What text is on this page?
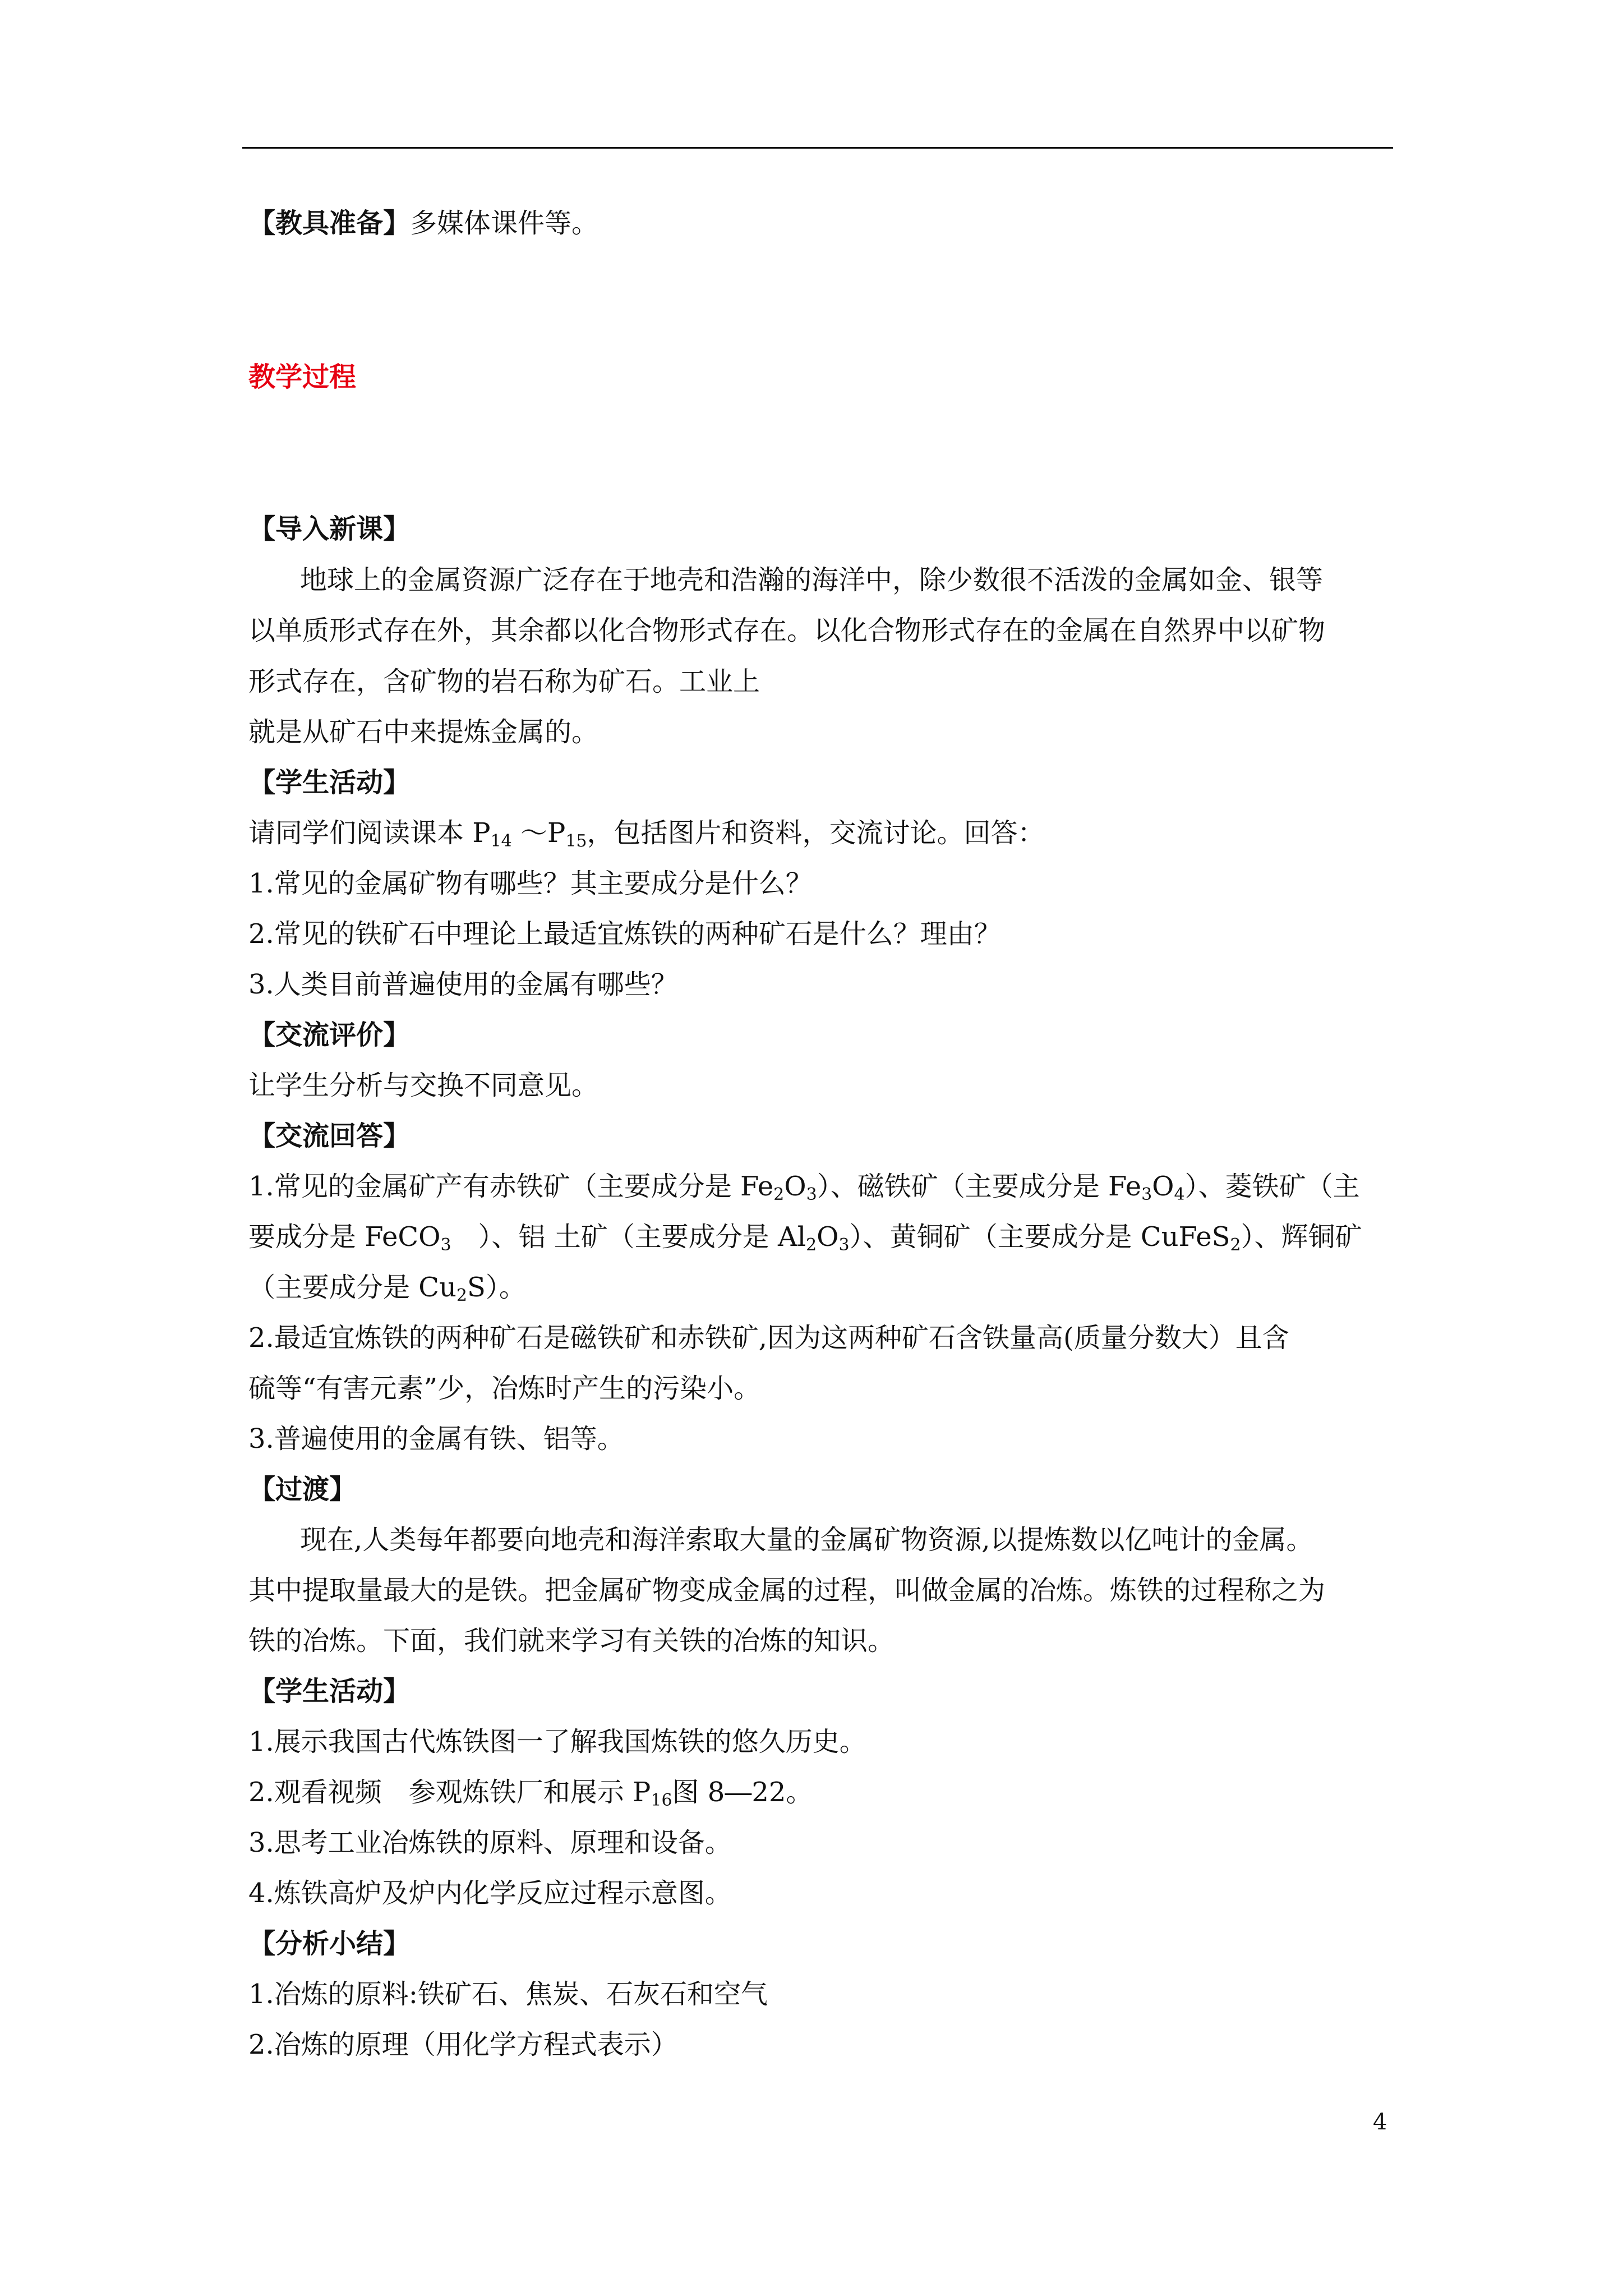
【教具准备】多媒体课件等。
教学过程
【导入新课】
地球上的金属资源广泛存在于地壳和浩瀚的海洋中，除少数很不活泼的金属如金、银等
以单质形式存在外，其余都以化合物形式存在。以化合物形式存在的金属在自然界中以矿物
形式存在，含矿物的岩石称为矿石。工业上
就是从矿石中来提炼金属的。
【学生活动】
请同学们阅读课本 $P_{14}$ $\sim P_{15}$，包括图片和资料，交流讨论。回答：
1.常见的金属矿物有哪些？其主要成分是什么？
2.常见的铁矿石中理论上最适宜炼铁的两种矿石是什么？理由？
3.人类目前普遍使用的金属有哪些？
【交流评价】
让学生分析与交换不同意见。
【交流回答】
1.常见的金属矿产有赤铁矿（主要成分是 $Fe_2O_3$）、磁铁矿（主要成分是 $Fe_3O_4$）、菱铁矿（主
要成分是 FeCO$_3$　）、铝 土矿（主要成分是 $Al_2O_3$）、黄铜矿（主要成分是 CuFeS$_2$）、辉铜矿
（主要成分是 $Cu_2S$）。
2.最适宜炼铁的两种矿石是磁铁矿和赤铁矿,因为这两种矿石含铁量高(质量分数大）且含
硫等“有害元素”少，冶炼时产生的污染小。
3.普遍使用的金属有铁、铝等。
【过渡】
现在,人类每年都要向地壳和海洋索取大量的金属矿物资源,以提炼数以亿吨计的金属。
其中提取量最大的是铁。把金属矿物变成金属的过程，叫做金属的冶炼。炼铁的过程称之为
铁的冶炼。下面，我们就来学习有关铁的冶炼的知识。
【学生活动】
1.展示我国古代炼铁图一了解我国炼铁的悠久历史。
2.观看视频　参观炼铁厂和展示 $P_{16}$图 8―22。
3.思考工业冶炼铁的原料、原理和设备。
4.炼铁高炉及炉内化学反应过程示意图。
【分析小结】
1.冶炼的原料:铁矿石、焦炭、石灰石和空气
2.冶炼的原理（用化学方程式表示）
4
